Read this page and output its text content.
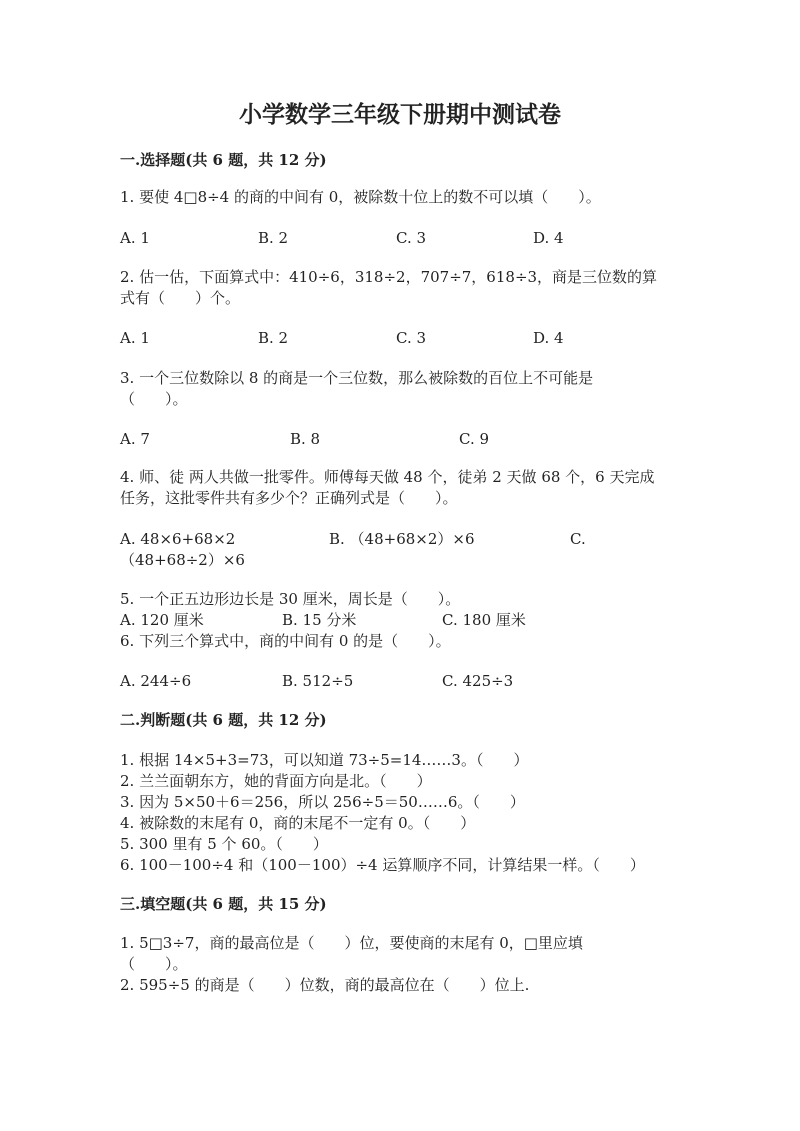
小学数学三年级下册期中测试卷
一.选择题(共 6 题，共 12 分)
1. 要使 4□8÷4 的商的中间有 0，被除数十位上的数不可以填（　　）。
A. 1	B. 2	C. 3	D. 4
2. 估一估，下面算式中：410÷6，318÷2，707÷7，618÷3，商是三位数的算
式有（　　）个。
A. 1	B. 2	C. 3	D. 4
3. 一个三位数除以 8 的商是一个三位数，那么被除数的百位上不可能是
（　　）。
A. 7	B. 8	C. 9
4. 师、徒 两人共做一批零件。师傅每天做 48 个，徒弟 2 天做 68 个，6 天完成
任务，这批零件共有多少个？正确列式是（　　）。
A. 48×6+68×2	B. （48+68×2）×6	C.
（48+68÷2）×6
5. 一个正五边形边长是 30 厘米，周长是（　　）。
A. 120 厘米	B. 15 分米	C. 180 厘米
6. 下列三个算式中，商的中间有 0 的是（　　）。
A. 244÷6	B. 512÷5	C. 425÷3
二.判断题(共 6 题，共 12 分)
1. 根据 14×5+3=73，可以知道 73÷5=14……3。（　　）
2. 兰兰面朝东方，她的背面方向是北。（　　）
3. 因为 5×50＋6＝256，所以 256÷5＝50……6。（　　）
4. 被除数的末尾有 0，商的末尾不一定有 0。（　　）
5. 300 里有 5 个 60。（　　）
6. 100－100÷4 和（100－100）÷4 运算顺序不同，计算结果一样。（　　）
三.填空题(共 6 题，共 15 分)
1. 5□3÷7，商的最高位是（　　）位，要使商的末尾有 0，□里应填
（　　）。
2. 595÷5 的商是（　　）位数，商的最高位在（　　）位上.
